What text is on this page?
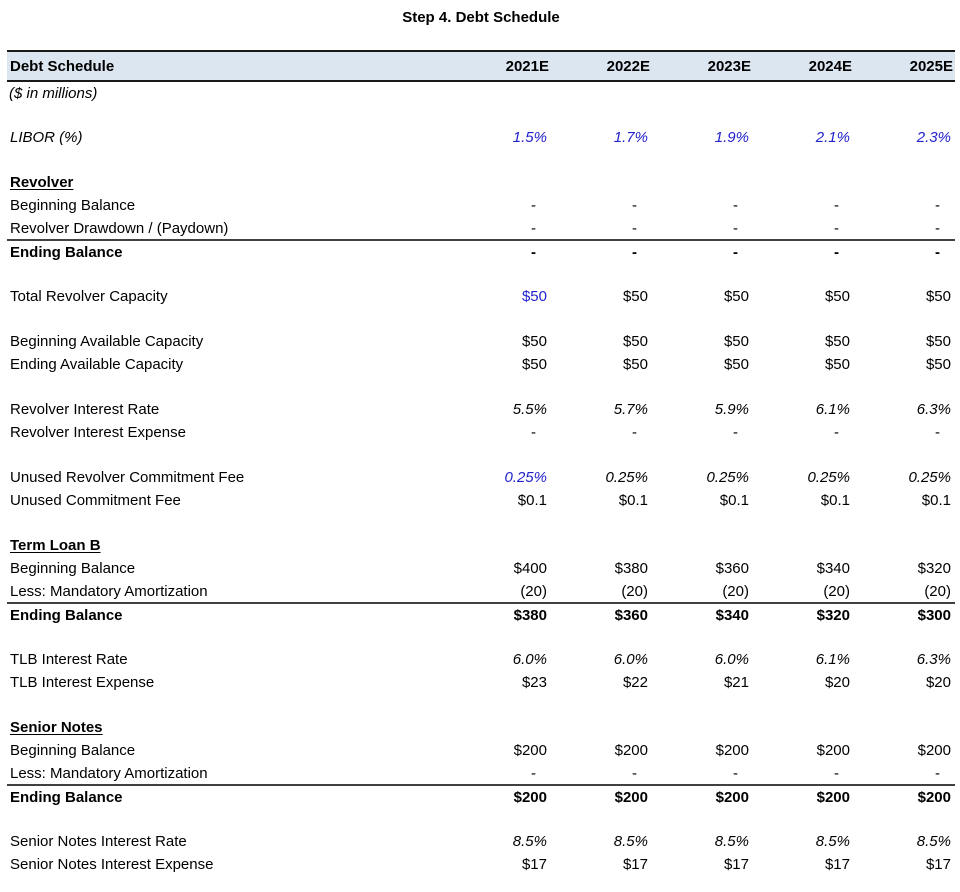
Step 4. Debt Schedule
Debt Schedule	2021E	2022E	2023E	2024E	2025E
($ in millions)					

LIBOR (%)	1.5%	1.7%	1.9%	2.1%	2.3%

Revolver					
Beginning Balance	-	-	-	-	-
Revolver Drawdown / (Paydown)	-	-	-	-	-
Ending Balance	-	-	-	-	-

Total Revolver Capacity	$50	$50	$50	$50	$50

Beginning Available Capacity	$50	$50	$50	$50	$50
Ending Available Capacity	$50	$50	$50	$50	$50

Revolver Interest Rate	5.5%	5.7%	5.9%	6.1%	6.3%
Revolver Interest Expense	-	-	-	-	-

Unused Revolver Commitment Fee	0.25%	0.25%	0.25%	0.25%	0.25%
Unused Commitment Fee	$0.1	$0.1	$0.1	$0.1	$0.1

Term Loan B					
Beginning Balance	$400	$380	$360	$340	$320
Less: Mandatory Amortization	(20)	(20)	(20)	(20)	(20)
Ending Balance	$380	$360	$340	$320	$300

TLB Interest Rate	6.0%	6.0%	6.0%	6.1%	6.3%
TLB Interest Expense	$23	$22	$21	$20	$20

Senior Notes					
Beginning Balance	$200	$200	$200	$200	$200
Less: Mandatory Amortization	-	-	-	-	-
Ending Balance	$200	$200	$200	$200	$200

Senior Notes Interest Rate	8.5%	8.5%	8.5%	8.5%	8.5%
Senior Notes Interest Expense	$17	$17	$17	$17	$17
